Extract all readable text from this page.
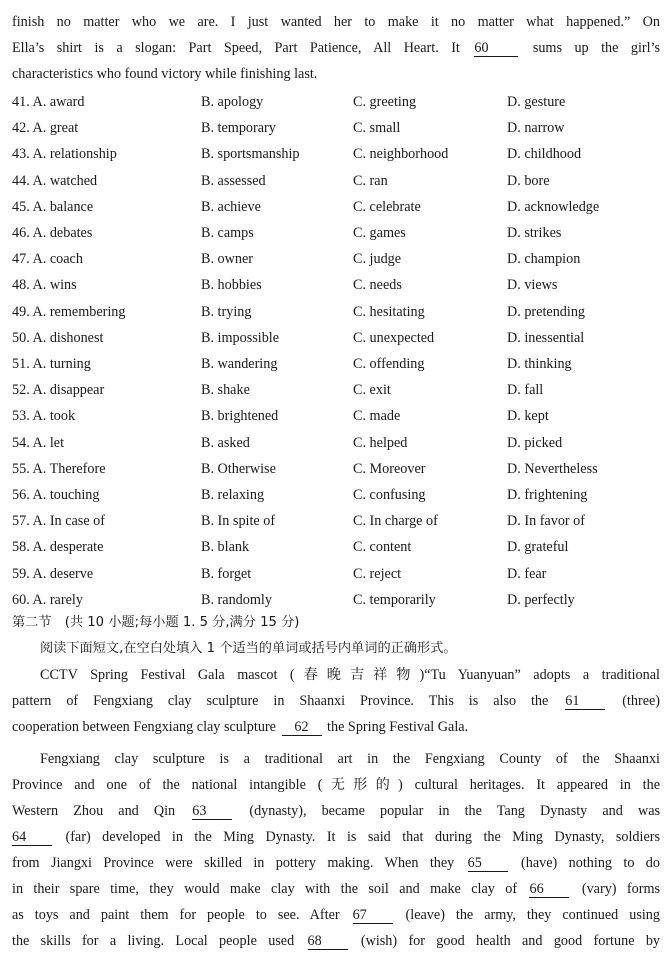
finish no matter who we are. I just wanted her to make it no matter what happened.” On
Ella’s shirt is a slogan: Part Speed, Part Patience, All Heart. It 60	sums up the girl’s
characteristics who found victory while finishing last.
41. A. award	B. apology	C. greeting	D. gesture
42. A. great	B. temporary	C. small	D. narrow
43. A. relationship	B. sportsmanship	C. neighborhood	D. childhood
44. A. watched	B. assessed	C. ran	D. bore
45. A. balance	B. achieve	C. celebrate	D. acknowledge
46. A. debates	B. camps	C. games	D. strikes
47. A. coach	B. owner	C. judge	D. champion
48. A. wins	B. hobbies	C. needs	D. views
49. A. remembering	B. trying	C. hesitating	D. pretending
50. A. dishonest	B. impossible	C. unexpected	D. inessential
51. A. turning	B. wandering	C. offending	D. thinking
52. A. disappear	B. shake	C. exit	D. fall
53. A. took	B. brightened	C. made	D. kept
54. A. let	B. asked	C. helped	D. picked
55. A. Therefore	B. Otherwise	C. Moreover	D. Nevertheless
56. A. touching	B. relaxing	C. confusing	D. frightening
57. A. In case of	B. In spite of	C. In charge of	D. In favor of
58. A. desperate	B. blank	C. content	D. grateful
59. A. deserve	B. forget	C. reject	D. fear
60. A. rarely	B. randomly	C. temporarily	D. perfectly
第二节　(共 10 小题;每小题 1. 5 分,满分 15 分)
阅读下面短文,在空白处填入 1 个适当的单词或括号内单词的正确形式。
CCTV Spring Festival Gala mascot (春晚吉祥物)“Tu Yuanyuan” adopts a traditional
pattern of Fengxiang clay sculpture in Shaanxi Province. This is also the 61	(three)
cooperation between Fengxiang clay sculpture 62 the Spring Festival Gala.
Fengxiang clay sculpture is a traditional art in the Fengxiang County of the Shaanxi
Province and one of the national intangible (无形的) cultural heritages. It appeared in the
Western Zhou and Qin 63	(dynasty), became popular in the Tang Dynasty and was
64	(far) developed in the Ming Dynasty. It is said that during the Ming Dynasty, soldiers
from Jiangxi Province were skilled in pottery making. When they 65	(have) nothing to do
in their spare time, they would make clay with the soil and make clay of 66	(vary) forms
as toys and paint them for people to see. After 67	(leave) the army, they continued using
the skills for a living. Local people used 68	(wish) for good health and good fortune by
